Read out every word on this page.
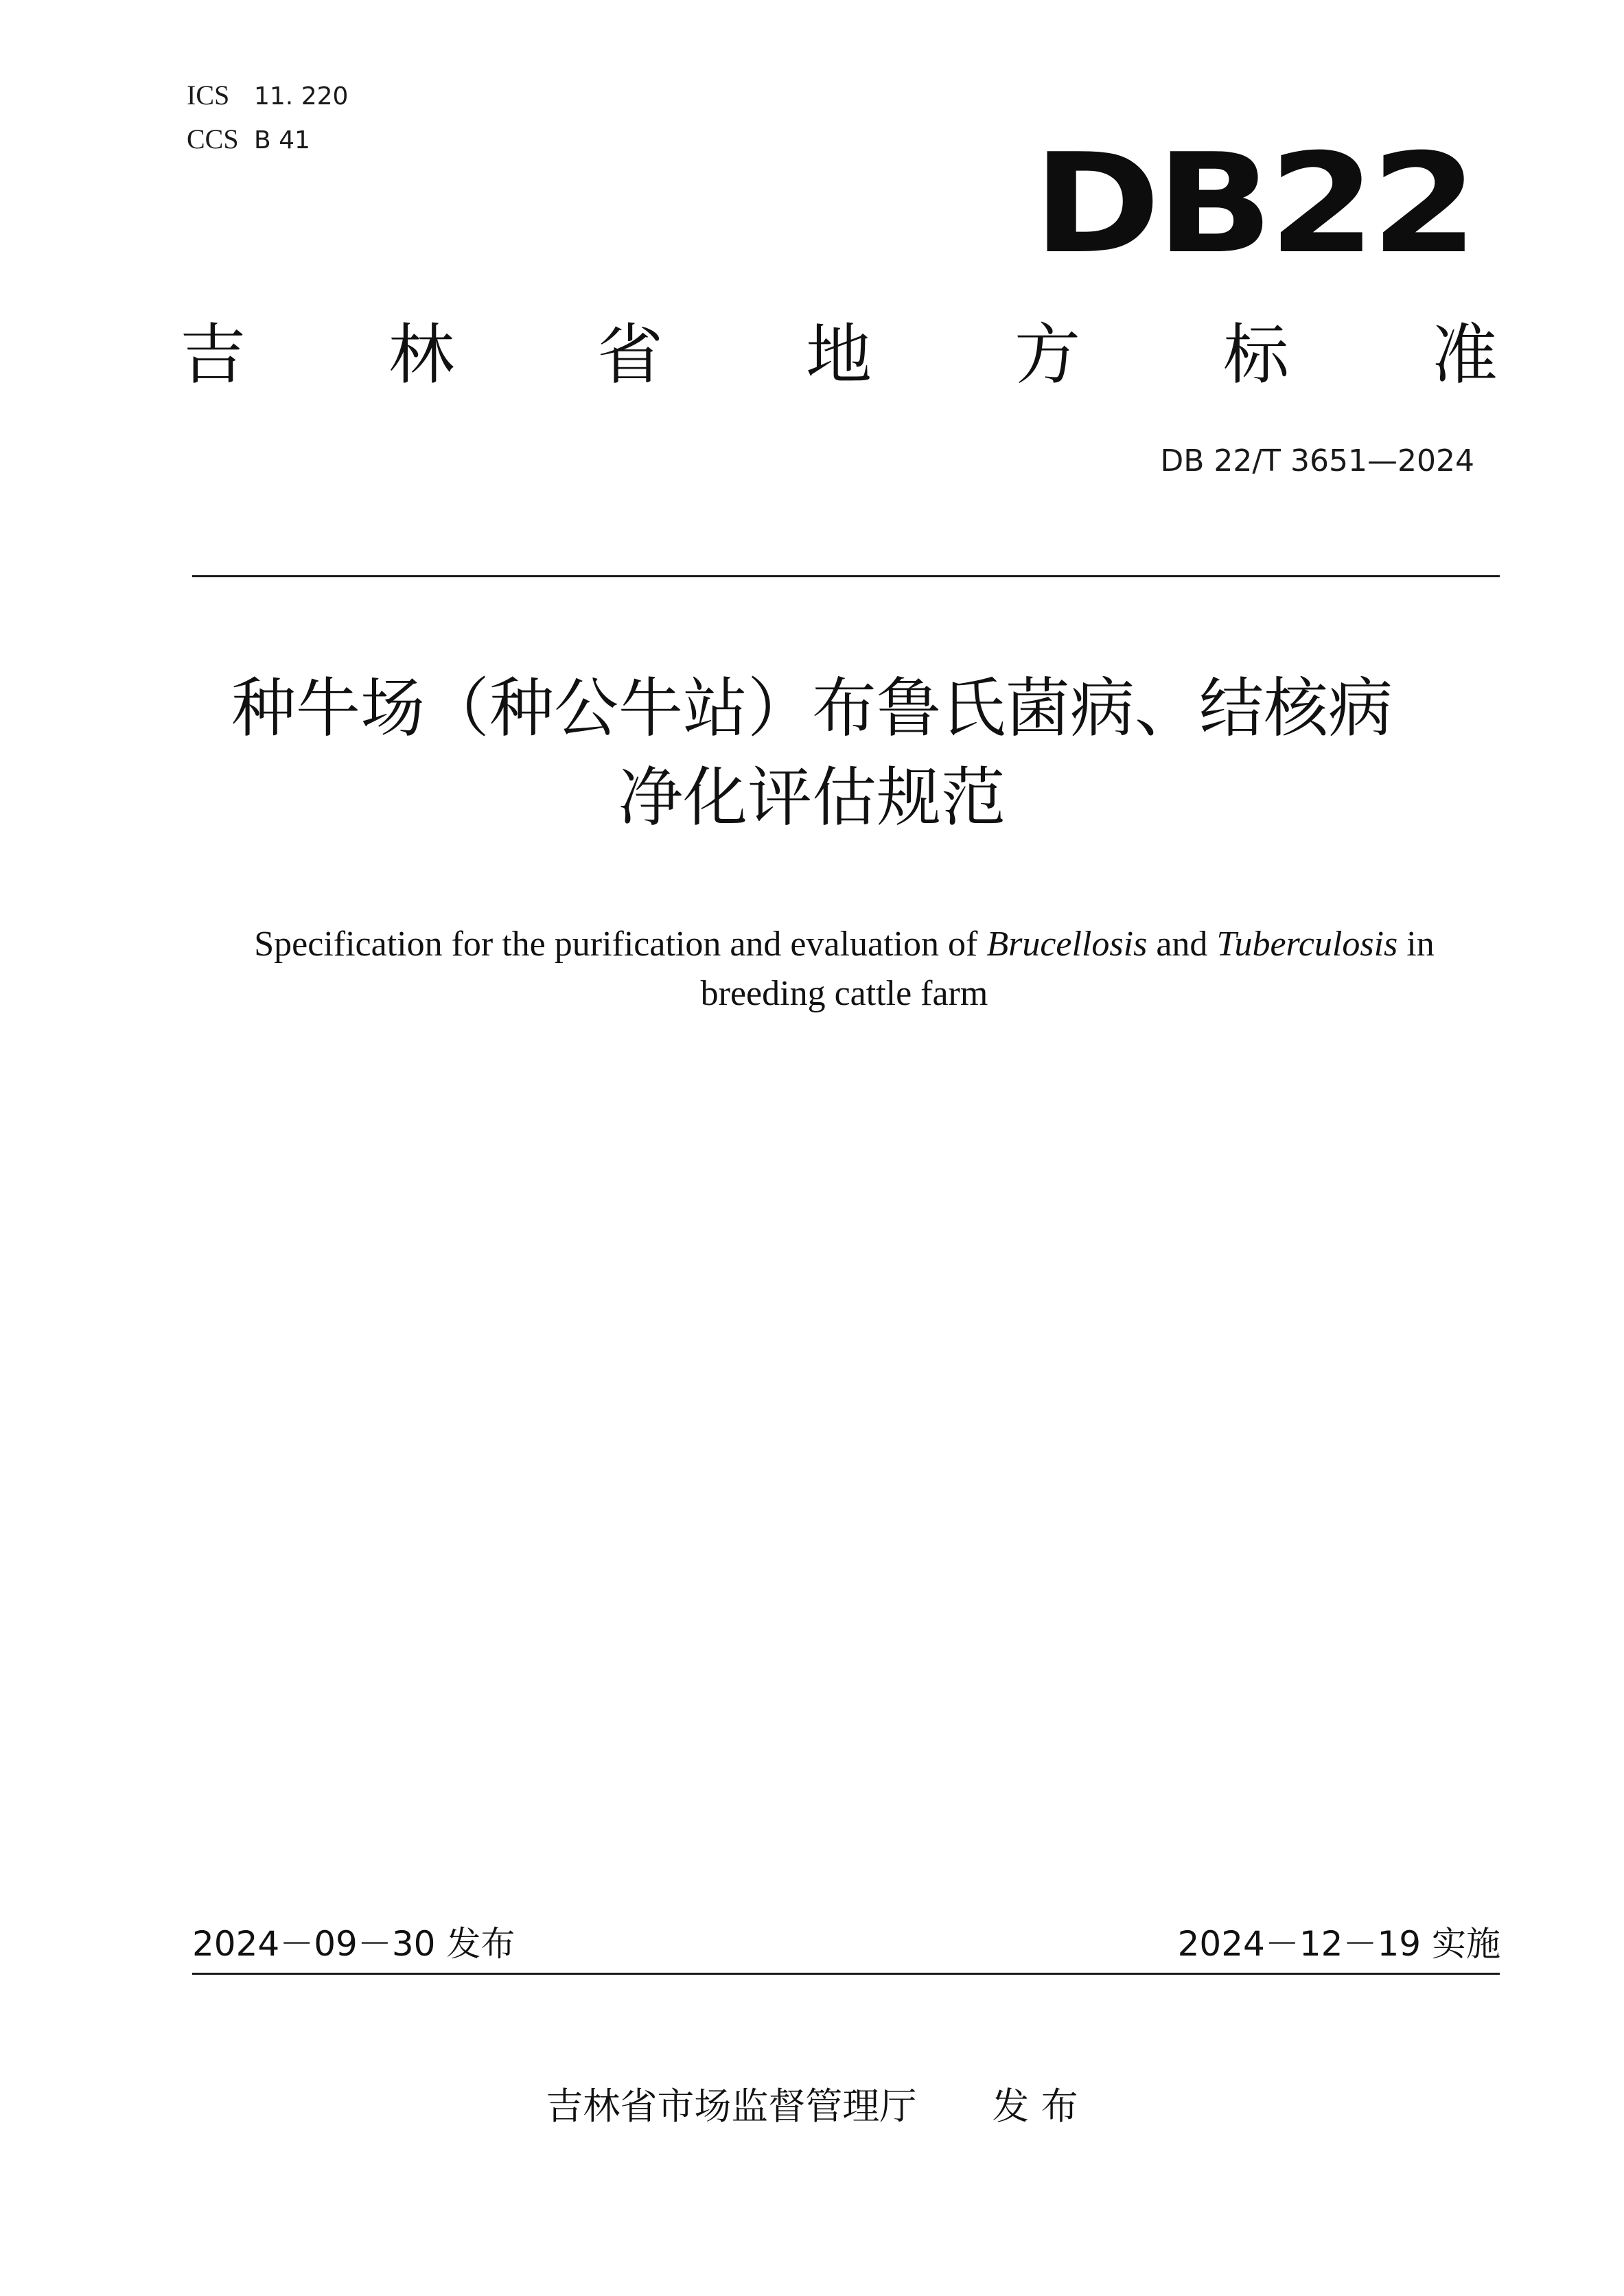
ICS 11. 220
CCS B 41	DB22
吉 林 省 地 方 标 准
DB 22/T 3651—2024
种牛场（种公牛站）布鲁氏菌病、结核病
净化评估规范
Specification for the purification and evaluation of Brucellosis and Tuberculosis in breeding cattle farm
2024－09－30 发布	2024－12－19 实施
吉林省市场监督管理厅 发 布
